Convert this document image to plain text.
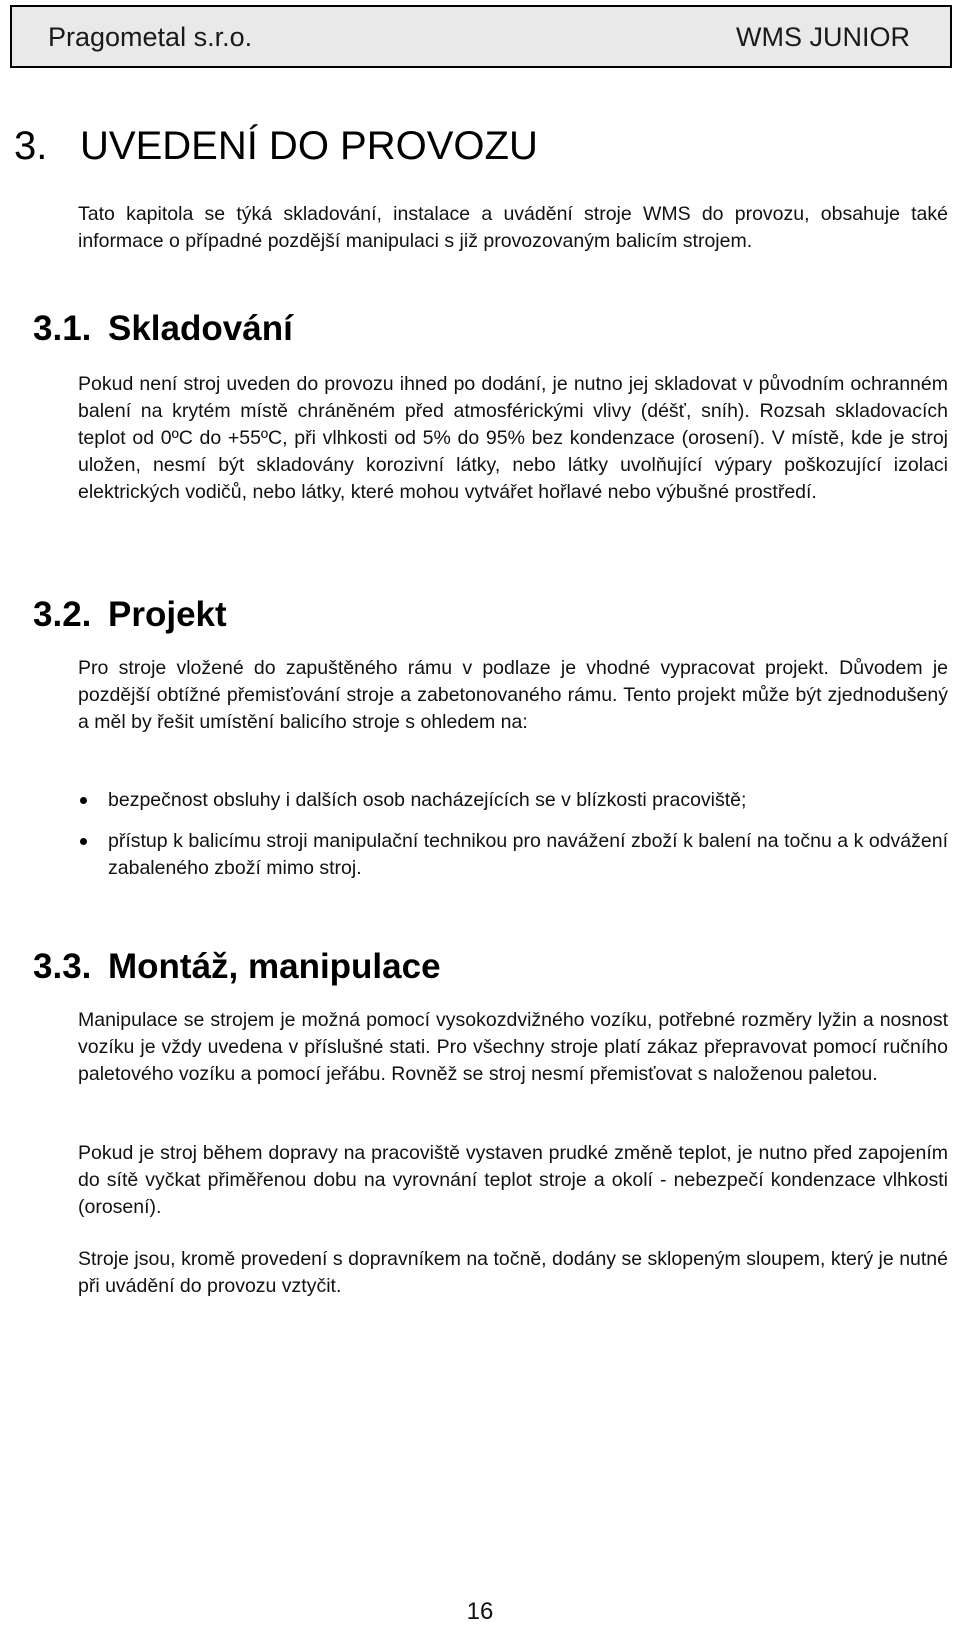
Pragometal s.r.o.	WMS JUNIOR
3. UVEDENÍ DO PROVOZU

Tato kapitola se týká skladování, instalace a uvádění stroje WMS do provozu, obsahuje také informace o případné pozdější manipulaci s již provozovaným balicím strojem.

3.1. Skladování

Pokud není stroj uveden do provozu ihned po dodání, je nutno jej skladovat v původním ochranném balení na krytém místě chráněném před atmosférickými vlivy (déšť, sníh). Rozsah skladovacích teplot od 0ºC do +55ºC, při vlhkosti od 5% do 95% bez kondenzace (orosení). V místě, kde je stroj uložen, nesmí být skladovány korozivní látky, nebo látky uvolňující výpary poškozující izolaci elektrických vodičů, nebo látky, které mohou vytvářet hořlavé nebo výbušné prostředí.

3.2. Projekt

Pro stroje vložené do zapuštěného rámu v podlaze je vhodné vypracovat projekt. Důvodem je pozdější obtížné přemisťování stroje a zabetonovaného rámu. Tento projekt může být zjednodušený a měl by řešit umístění balicího stroje s ohledem na:

bezpečnost obsluhy i dalších osob nacházejících se v blízkosti pracoviště;
přístup k balicímu stroji manipulační technikou pro navážení zboží k balení na točnu a k odvážení zabaleného zboží mimo stroj.
3.3. Montáž, manipulace

Manipulace se strojem je možná pomocí vysokozdvižného vozíku, potřebné rozměry lyžin a nosnost vozíku je vždy uvedena v příslušné stati. Pro všechny stroje platí zákaz přepravovat pomocí ručního paletového vozíku a pomocí jeřábu. Rovněž se stroj nesmí přemisťovat s naloženou paletou.

Pokud je stroj během dopravy na pracoviště vystaven prudké změně teplot, je nutno před zapojením do sítě vyčkat přiměřenou dobu na vyrovnání teplot stroje a okolí - nebezpečí kondenzace vlhkosti (orosení).

Stroje jsou, kromě provedení s dopravníkem na točně, dodány se sklopeným sloupem, který je nutné při uvádění do provozu vztyčit.

16
